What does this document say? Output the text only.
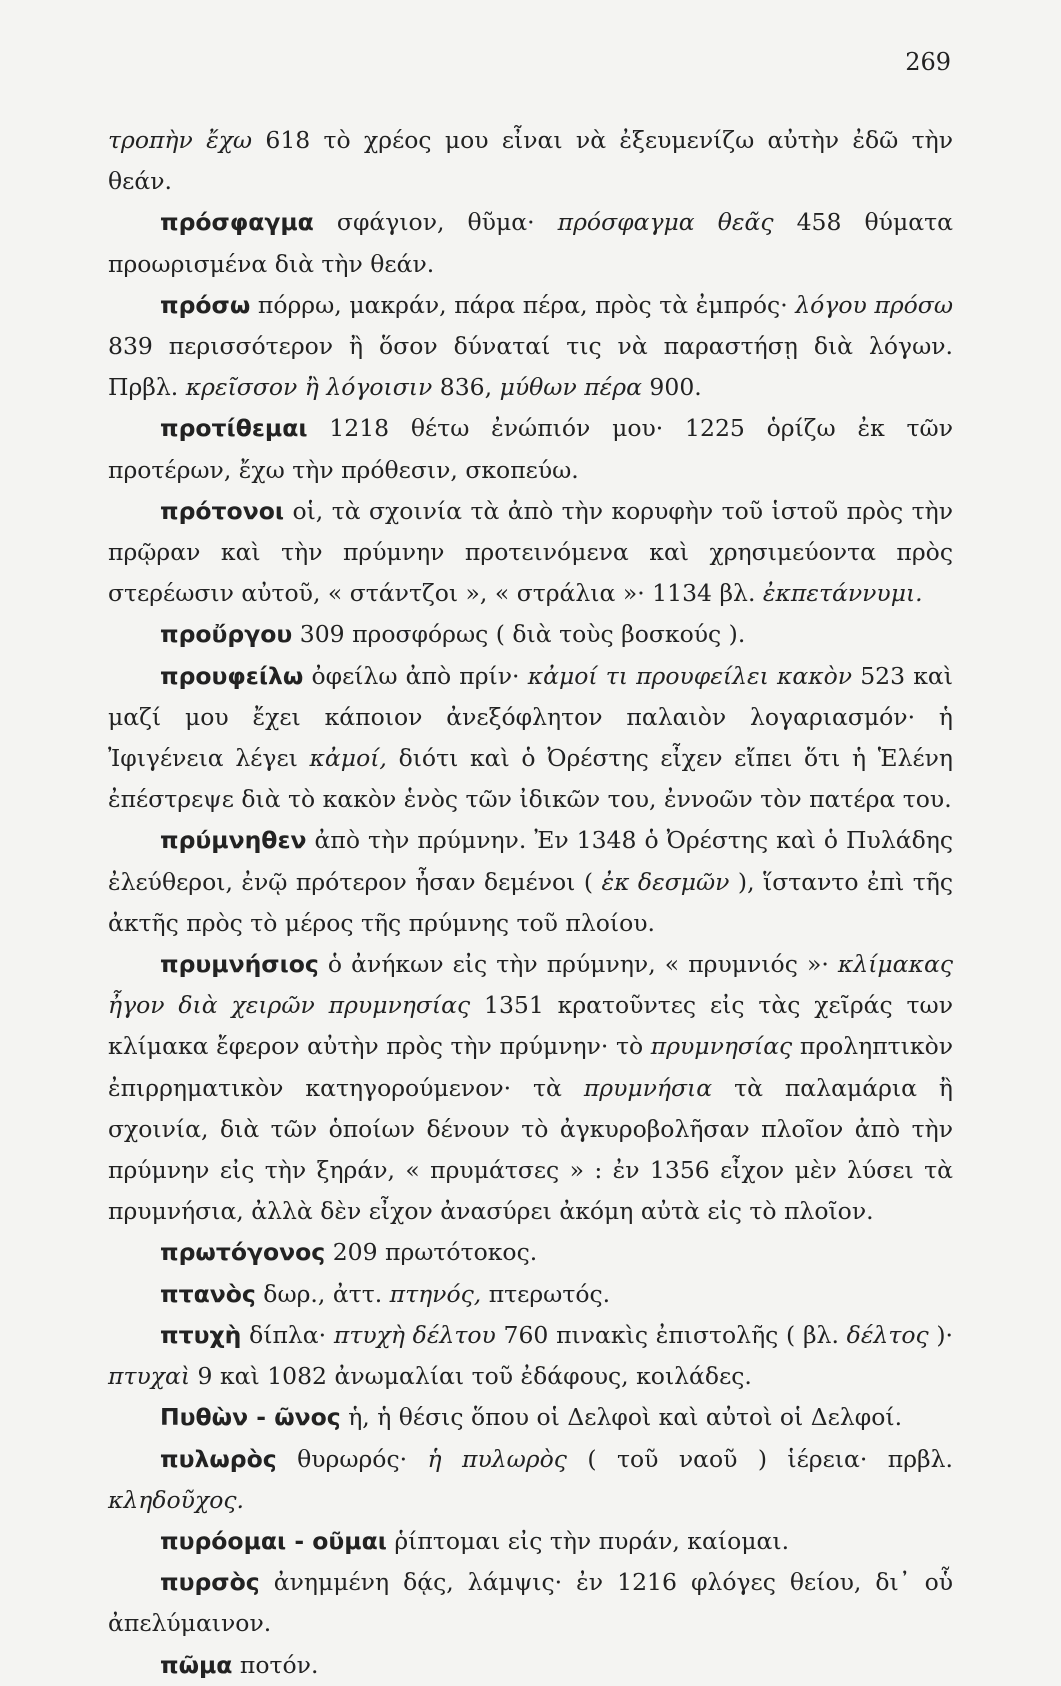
269

τροπὴν ἔχω 618 τὸ χρέος μου εἶναι νὰ ἐξευμενίζω αὐτὴν ἐδῶ τὴν θεάν.

πρόσφαγμα σφάγιον, θῦμα· πρόσφαγμα θεᾶς 458 θύματα προωρισμένα διὰ τὴν θεάν.

πρόσω πόρρω, μακράν, πάρα πέρα, πρὸς τὰ ἐμπρός· λόγου πρόσω 839 περισσότερον ἢ ὅσον δύναταί τις νὰ παραστήσῃ διὰ λόγων. Πρβλ. κρεῖσσον ἢ λόγοισιν 836, μύθων πέρα 900.

προτίθεμαι 1218 θέτω ἐνώπιόν μου· 1225 ὁρίζω ἐκ τῶν προτέρων, ἔχω τὴν πρόθεσιν, σκοπεύω.

πρότονοι οἱ, τὰ σχοινία τὰ ἀπὸ τὴν κορυφὴν τοῦ ἱστοῦ πρὸς τὴν πρῷραν καὶ τὴν πρύμνην προτεινόμενα καὶ χρησιμεύοντα πρὸς στερέωσιν αὐτοῦ, « στάντζοι », « στράλια »· 1134 βλ. ἐκπετάννυμι.

προὔργου 309 προσφόρως ( διὰ τοὺς βοσκούς ).

προυφείλω ὀφείλω ἀπὸ πρίν· κἀμοί τι προυφείλει κακὸν 523 καὶ μαζί μου ἔχει κάποιον ἀνεξόφλητον παλαιὸν λογαριασμόν· ἡ Ἰφιγένεια λέγει κἀμοί, διότι καὶ ὁ Ὀρέστης εἶχεν εἴπει ὅτι ἡ Ἑλένη ἐπέστρεψε διὰ τὸ κακὸν ἑνὸς τῶν ἰδικῶν του, ἐννοῶν τὸν πατέρα του.

πρύμνηθεν ἀπὸ τὴν πρύμνην. Ἐν 1348 ὁ Ὀρέστης καὶ ὁ Πυλάδης ἐλεύθεροι, ἐνῷ πρότερον ἦσαν δεμένοι ( ἐκ δεσμῶν ), ἵσταντο ἐπὶ τῆς ἀκτῆς πρὸς τὸ μέρος τῆς πρύμνης τοῦ πλοίου.

πρυμνήσιος ὁ ἀνήκων εἰς τὴν πρύμνην, « πρυμνιός »· κλίμακας ἦγον διὰ χειρῶν πρυμνησίας 1351 κρατοῦντες εἰς τὰς χεῖράς των κλίμακα ἔφερον αὐτὴν πρὸς τὴν πρύμνην· τὸ πρυμνησίας προληπτικὸν ἐπιρρηματικὸν κατηγορούμενον· τὰ πρυμνήσια τὰ παλαμάρια ἢ σχοινία, διὰ τῶν ὁποίων δένουν τὸ ἀγκυροβολῆσαν πλοῖον ἀπὸ τὴν πρύμνην εἰς τὴν ξηράν, « πρυμάτσες » : ἐν 1356 εἶχον μὲν λύσει τὰ πρυμνήσια, ἀλλὰ δὲν εἶχον ἀνασύρει ἀκόμη αὐτὰ εἰς τὸ πλοῖον.

πρωτόγονος 209 πρωτότοκος.

πτανὸς δωρ., ἀττ. πτηνός, πτερωτός.

πτυχὴ δίπλα· πτυχὴ δέλτου 760 πινακὶς ἐπιστολῆς ( βλ. δέλτος )· πτυχαὶ 9 καὶ 1082 ἀνωμαλίαι τοῦ ἐδάφους, κοιλάδες.

Πυθὼν - ῶνος ἡ, ἡ θέσις ὅπου οἱ Δελφοὶ καὶ αὐτοὶ οἱ Δελφοί.

πυλωρὸς θυρωρός· ἡ πυλωρὸς ( τοῦ ναοῦ ) ἱέρεια· πρβλ. κληδοῦχος.

πυρόομαι - οῦμαι ῥίπτομαι εἰς τὴν πυράν, καίομαι.

πυρσὸς ἀνημμένη δᾴς, λάμψις· ἐν 1216 φλόγες θείου, δι᾽ οὗ ἀπελύμαινον.

πῶμα ποτόν.
